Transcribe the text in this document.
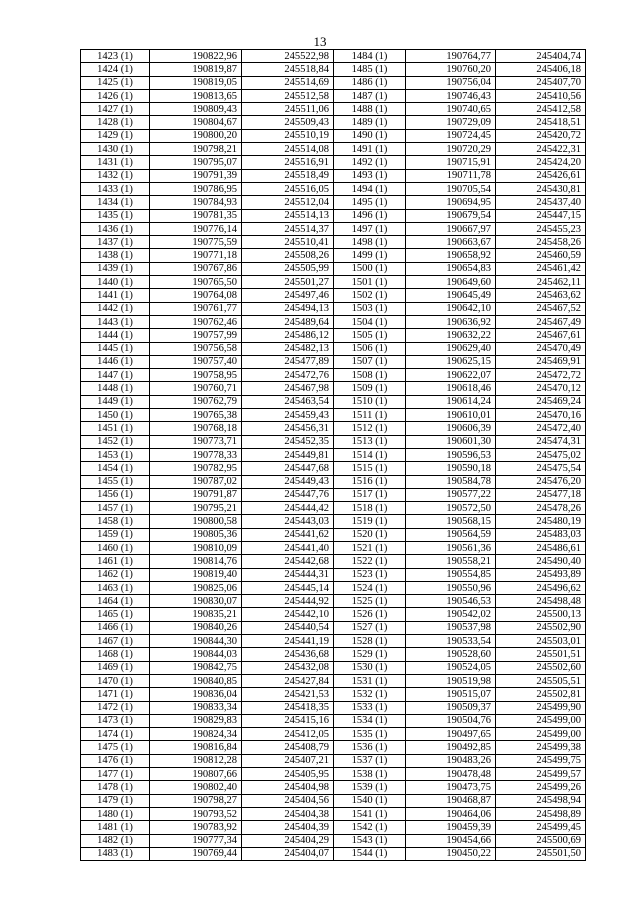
13
1423 (1)	190822,96	245522,98	1484 (1)	190764,77	245404,74
1424 (1)	190819,87	245518,84	1485 (1)	190760,20	245406,18
1425 (1)	190819,05	245514,69	1486 (1)	190756,04	245407,70
1426 (1)	190813,65	245512,58	1487 (1)	190746,43	245410,56
1427 (1)	190809,43	245511,06	1488 (1)	190740,65	245412,58
1428 (1)	190804,67	245509,43	1489 (1)	190729,09	245418,51
1429 (1)	190800,20	245510,19	1490 (1)	190724,45	245420,72
1430 (1)	190798,21	245514,08	1491 (1)	190720,29	245422,31
1431 (1)	190795,07	245516,91	1492 (1)	190715,91	245424,20
1432 (1)	190791,39	245518,49	1493 (1)	190711,78	245426,61
1433 (1)	190786,95	245516,05	1494 (1)	190705,54	245430,81
1434 (1)	190784,93	245512,04	1495 (1)	190694,95	245437,40
1435 (1)	190781,35	245514,13	1496 (1)	190679,54	245447,15
1436 (1)	190776,14	245514,37	1497 (1)	190667,97	245455,23
1437 (1)	190775,59	245510,41	1498 (1)	190663,67	245458,26
1438 (1)	190771,18	245508,26	1499 (1)	190658,92	245460,59
1439 (1)	190767,86	245505,99	1500 (1)	190654,83	245461,42
1440 (1)	190765,50	245501,27	1501 (1)	190649,60	245462,11
1441 (1)	190764,08	245497,46	1502 (1)	190645,49	245463,62
1442 (1)	190761,77	245494,13	1503 (1)	190642,10	245467,52
1443 (1)	190762,46	245489,64	1504 (1)	190636,92	245467,49
1444 (1)	190757,99	245486,12	1505 (1)	190632,22	245467,61
1445 (1)	190756,58	245482,13	1506 (1)	190629,40	245470,49
1446 (1)	190757,40	245477,89	1507 (1)	190625,15	245469,91
1447 (1)	190758,95	245472,76	1508 (1)	190622,07	245472,72
1448 (1)	190760,71	245467,98	1509 (1)	190618,46	245470,12
1449 (1)	190762,79	245463,54	1510 (1)	190614,24	245469,24
1450 (1)	190765,38	245459,43	1511 (1)	190610,01	245470,16
1451 (1)	190768,18	245456,31	1512 (1)	190606,39	245472,40
1452 (1)	190773,71	245452,35	1513 (1)	190601,30	245474,31
1453 (1)	190778,33	245449,81	1514 (1)	190596,53	245475,02
1454 (1)	190782,95	245447,68	1515 (1)	190590,18	245475,54
1455 (1)	190787,02	245449,43	1516 (1)	190584,78	245476,20
1456 (1)	190791,87	245447,76	1517 (1)	190577,22	245477,18
1457 (1)	190795,21	245444,42	1518 (1)	190572,50	245478,26
1458 (1)	190800,58	245443,03	1519 (1)	190568,15	245480,19
1459 (1)	190805,36	245441,62	1520 (1)	190564,59	245483,03
1460 (1)	190810,09	245441,40	1521 (1)	190561,36	245486,61
1461 (1)	190814,76	245442,68	1522 (1)	190558,21	245490,40
1462 (1)	190819,40	245444,31	1523 (1)	190554,85	245493,89
1463 (1)	190825,06	245445,14	1524 (1)	190550,96	245496,62
1464 (1)	190830,07	245444,92	1525 (1)	190546,53	245498,48
1465 (1)	190835,21	245442,10	1526 (1)	190542,02	245500,13
1466 (1)	190840,26	245440,54	1527 (1)	190537,98	245502,90
1467 (1)	190844,30	245441,19	1528 (1)	190533,54	245503,01
1468 (1)	190844,03	245436,68	1529 (1)	190528,60	245501,51
1469 (1)	190842,75	245432,08	1530 (1)	190524,05	245502,60
1470 (1)	190840,85	245427,84	1531 (1)	190519,98	245505,51
1471 (1)	190836,04	245421,53	1532 (1)	190515,07	245502,81
1472 (1)	190833,34	245418,35	1533 (1)	190509,37	245499,90
1473 (1)	190829,83	245415,16	1534 (1)	190504,76	245499,00
1474 (1)	190824,34	245412,05	1535 (1)	190497,65	245499,00
1475 (1)	190816,84	245408,79	1536 (1)	190492,85	245499,38
1476 (1)	190812,28	245407,21	1537 (1)	190483,26	245499,75
1477 (1)	190807,66	245405,95	1538 (1)	190478,48	245499,57
1478 (1)	190802,40	245404,98	1539 (1)	190473,75	245499,26
1479 (1)	190798,27	245404,56	1540 (1)	190468,87	245498,94
1480 (1)	190793,52	245404,38	1541 (1)	190464,06	245498,89
1481 (1)	190783,92	245404,39	1542 (1)	190459,39	245499,45
1482 (1)	190777,34	245404,29	1543 (1)	190454,66	245500,69
1483 (1)	190769,44	245404,07	1544 (1)	190450,22	245501,50
